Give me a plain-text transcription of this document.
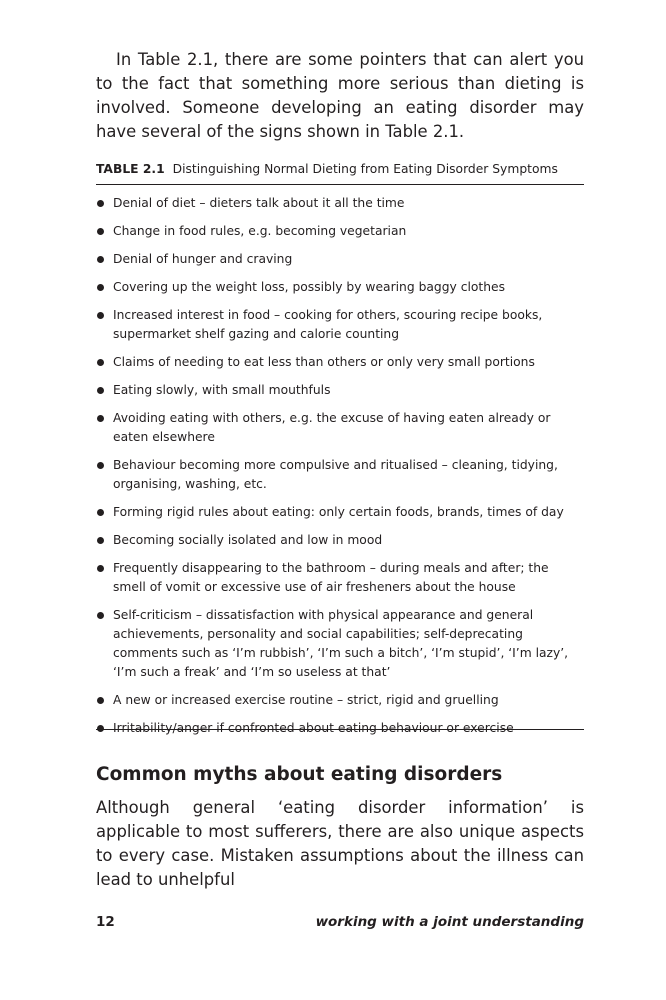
In Table 2.1, there are some pointers that can alert you to the fact that something more serious than dieting is involved. Someone developing an eating disorder may have several of the signs shown in Table 2.1.

TABLE 2.1 Distinguishing Normal Dieting from Eating Disorder Symptoms

Denial of diet – dieters talk about it all the time
Change in food rules, e.g. becoming vegetarian
Denial of hunger and craving
Covering up the weight loss, possibly by wearing baggy clothes
Increased interest in food – cooking for others, scouring recipe books, supermarket shelf gazing and calorie counting
Claims of needing to eat less than others or only very small portions
Eating slowly, with small mouthfuls
Avoiding eating with others, e.g. the excuse of having eaten already or eaten elsewhere
Behaviour becoming more compulsive and ritualised – cleaning, tidying, organising, washing, etc.
Forming rigid rules about eating: only certain foods, brands, times of day
Becoming socially isolated and low in mood
Frequently disappearing to the bathroom – during meals and after; the smell of vomit or excessive use of air fresheners about the house
Self-criticism – dissatisfaction with physical appearance and general achievements, personality and social capabilities; self-deprecating comments such as ‘I’m rubbish’, ‘I’m such a bitch’, ‘I’m stupid’, ‘I’m lazy’, ‘I’m such a freak’ and ‘I’m so useless at that’
A new or increased exercise routine – strict, rigid and gruelling
Irritability/anger if confronted about eating behaviour or exercise
Common myths about eating disorders

Although general ‘eating disorder information’ is applicable to most sufferers, there are also unique aspects to every case. Mistaken assumptions about the illness can lead to unhelpful

12	working with a joint understanding
